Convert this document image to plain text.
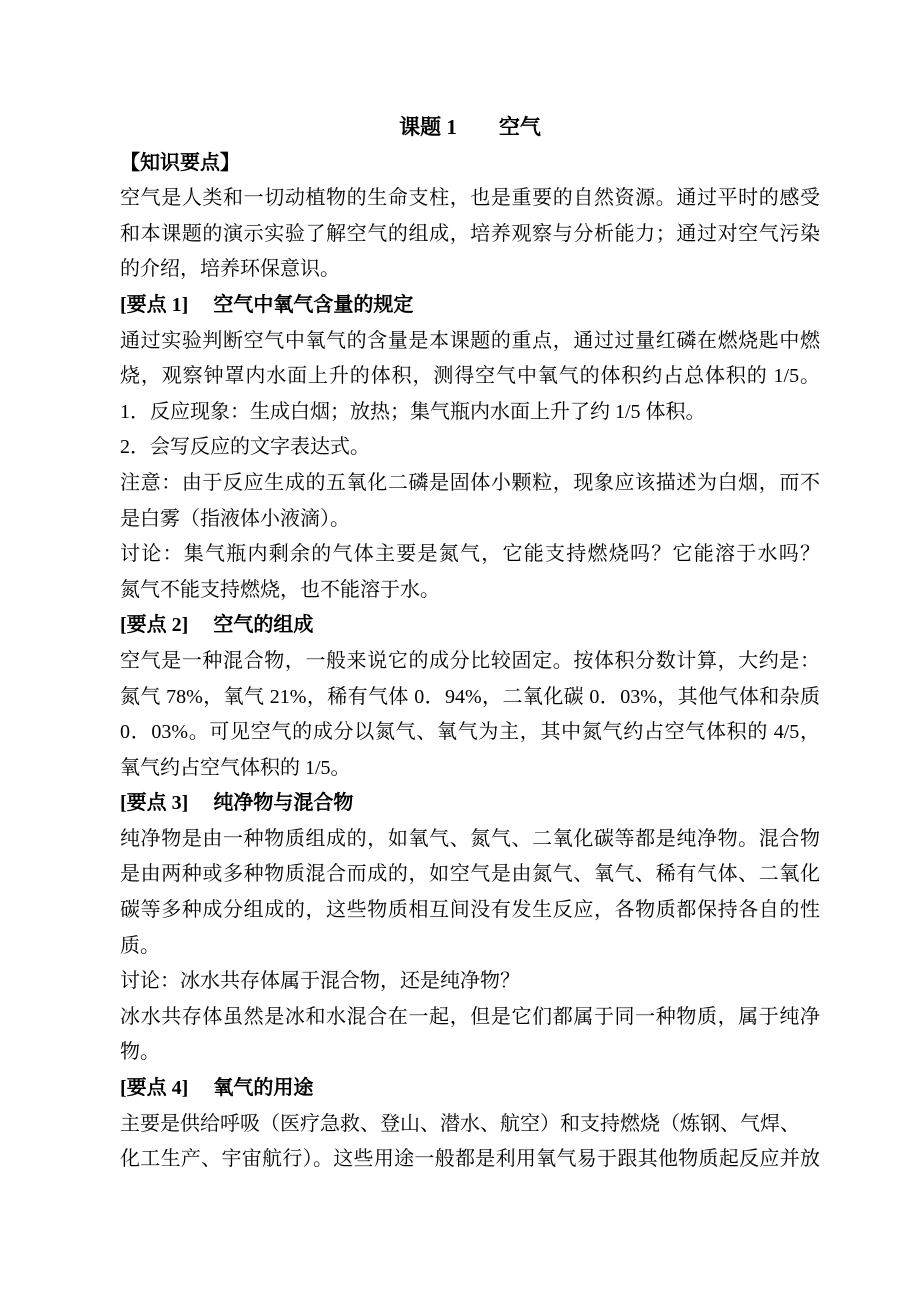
课题 1　　空气
【知识要点】
空气是人类和一切动植物的生命支柱，也是重要的自然资源。通过平时的感受
和本课题的演示实验了解空气的组成，培养观察与分析能力；通过对空气污染
的介绍，培养环保意识。
[要点 1]　 空气中氧气含量的规定
通过实验判断空气中氧气的含量是本课题的重点，通过过量红磷在燃烧匙中燃
烧，观察钟罩内水面上升的体积，测得空气中氧气的体积约占总体积的 1/5。
1．反应现象：生成白烟；放热；集气瓶内水面上升了约 1/5 体积。
2．会写反应的文字表达式。
注意：由于反应生成的五氧化二磷是固体小颗粒，现象应该描述为白烟，而不
是白雾（指液体小液滴）。
讨论：集气瓶内剩余的气体主要是氮气，它能支持燃烧吗？它能溶于水吗？
氮气不能支持燃烧，也不能溶于水。
[要点 2]　 空气的组成
空气是一种混合物，一般来说它的成分比较固定。按体积分数计算，大约是：
氮气 78%，氧气 21%，稀有气体 0．94%，二氧化碳 0．03%，其他气体和杂质
0．03%。可见空气的成分以氮气、氧气为主，其中氮气约占空气体积的 4/5，
氧气约占空气体积的 1/5。
[要点 3]　 纯净物与混合物
纯净物是由一种物质组成的，如氧气、氮气、二氧化碳等都是纯净物。混合物
是由两种或多种物质混合而成的，如空气是由氮气、氧气、稀有气体、二氧化
碳等多种成分组成的，这些物质相互间没有发生反应，各物质都保持各自的性
质。
讨论：冰水共存体属于混合物，还是纯净物？
冰水共存体虽然是冰和水混合在一起，但是它们都属于同一种物质，属于纯净
物。
[要点 4]　 氧气的用途
主要是供给呼吸（医疗急救、登山、潜水、航空）和支持燃烧（炼钢、气焊、
化工生产、宇宙航行）。这些用途一般都是利用氧气易于跟其他物质起反应并放
